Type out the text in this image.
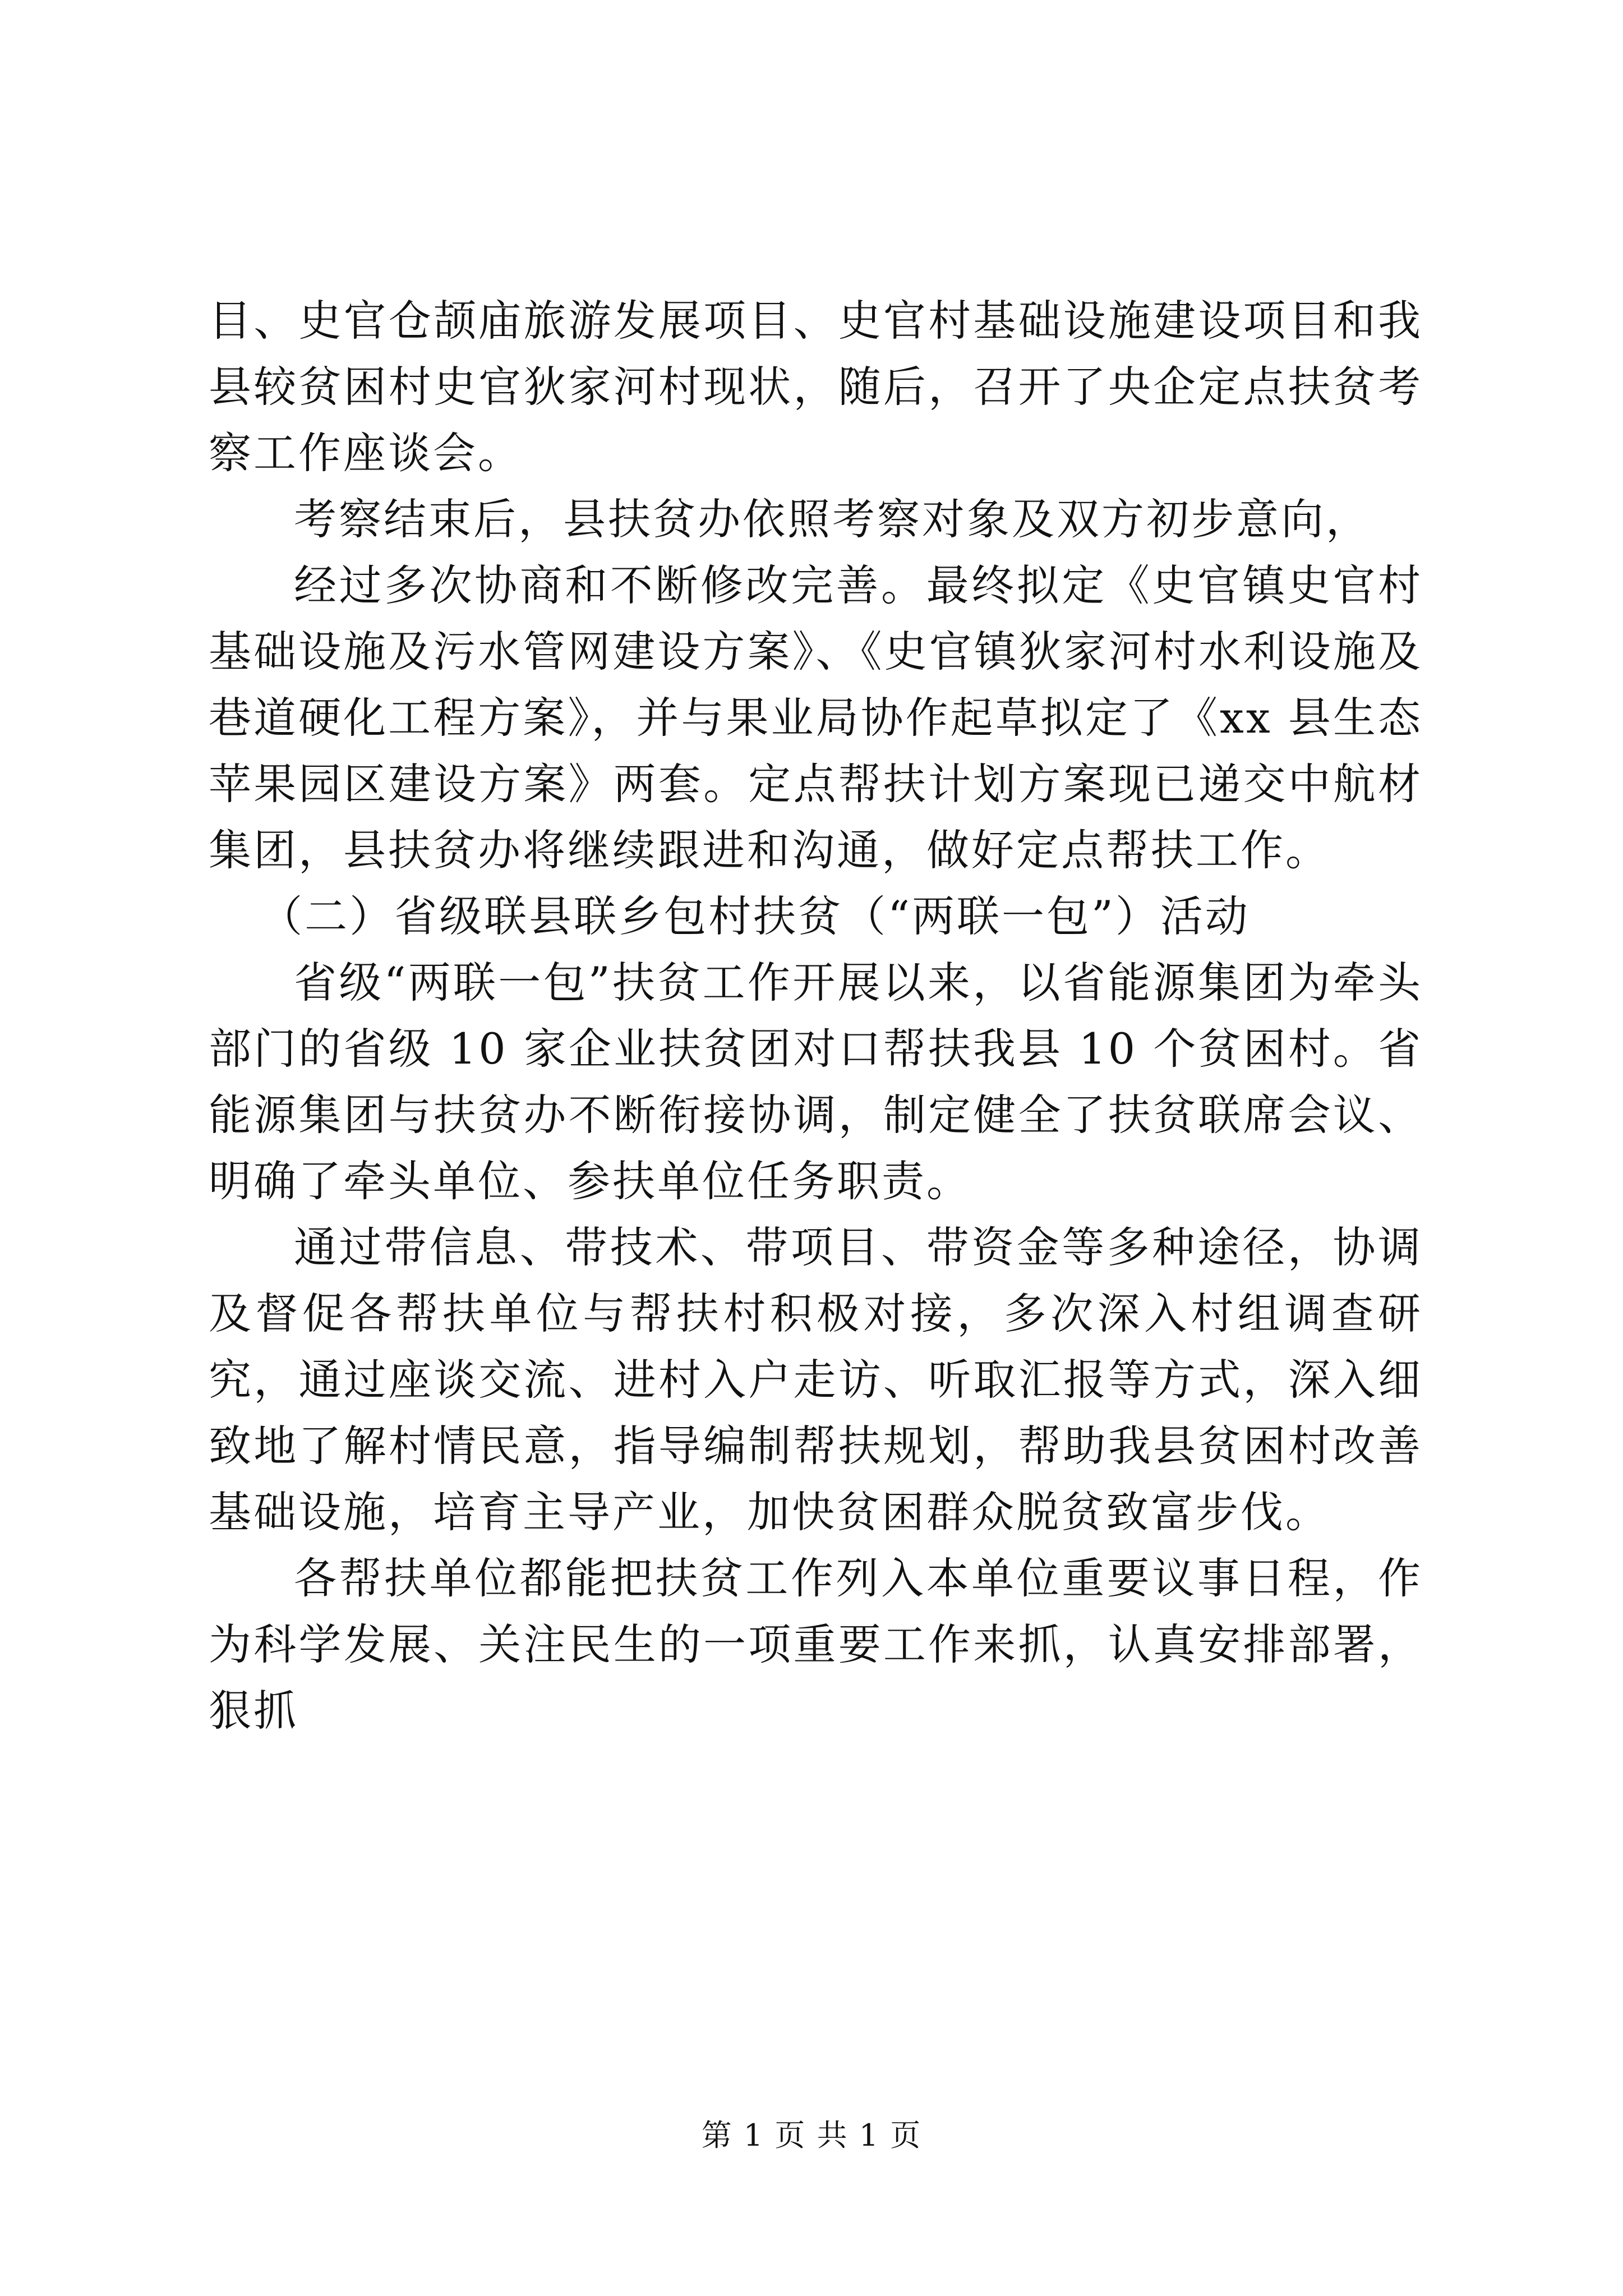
目、史官仓颉庙旅游发展项目、史官村基础设施建设项目和我县较贫困村史官狄家河村现状，随后，召开了央企定点扶贫考察工作座谈会。

考察结束后，县扶贫办依照考察对象及双方初步意向，

经过多次协商和不断修改完善。最终拟定《史官镇史官村基础设施及污水管网建设方案》、《史官镇狄家河村水利设施及巷道硬化工程方案》，并与果业局协作起草拟定了《xx 县生态苹果园区建设方案》两套。定点帮扶计划方案现已递交中航材集团，县扶贫办将继续跟进和沟通，做好定点帮扶工作。

（二）省级联县联乡包村扶贫（“两联一包”）活动

省级“两联一包”扶贫工作开展以来，以省能源集团为牵头部门的省级 10 家企业扶贫团对口帮扶我县 10 个贫困村。省能源集团与扶贫办不断衔接协调，制定健全了扶贫联席会议、明确了牵头单位、参扶单位任务职责。

通过带信息、带技术、带项目、带资金等多种途径，协调及督促各帮扶单位与帮扶村积极对接，多次深入村组调查研究，通过座谈交流、进村入户走访、听取汇报等方式，深入细致地了解村情民意，指导编制帮扶规划，帮助我县贫困村改善基础设施，培育主导产业，加快贫困群众脱贫致富步伐。

各帮扶单位都能把扶贫工作列入本单位重要议事日程，作为科学发展、关注民生的一项重要工作来抓，认真安排部署，狠抓

第 1 页 共 1 页
